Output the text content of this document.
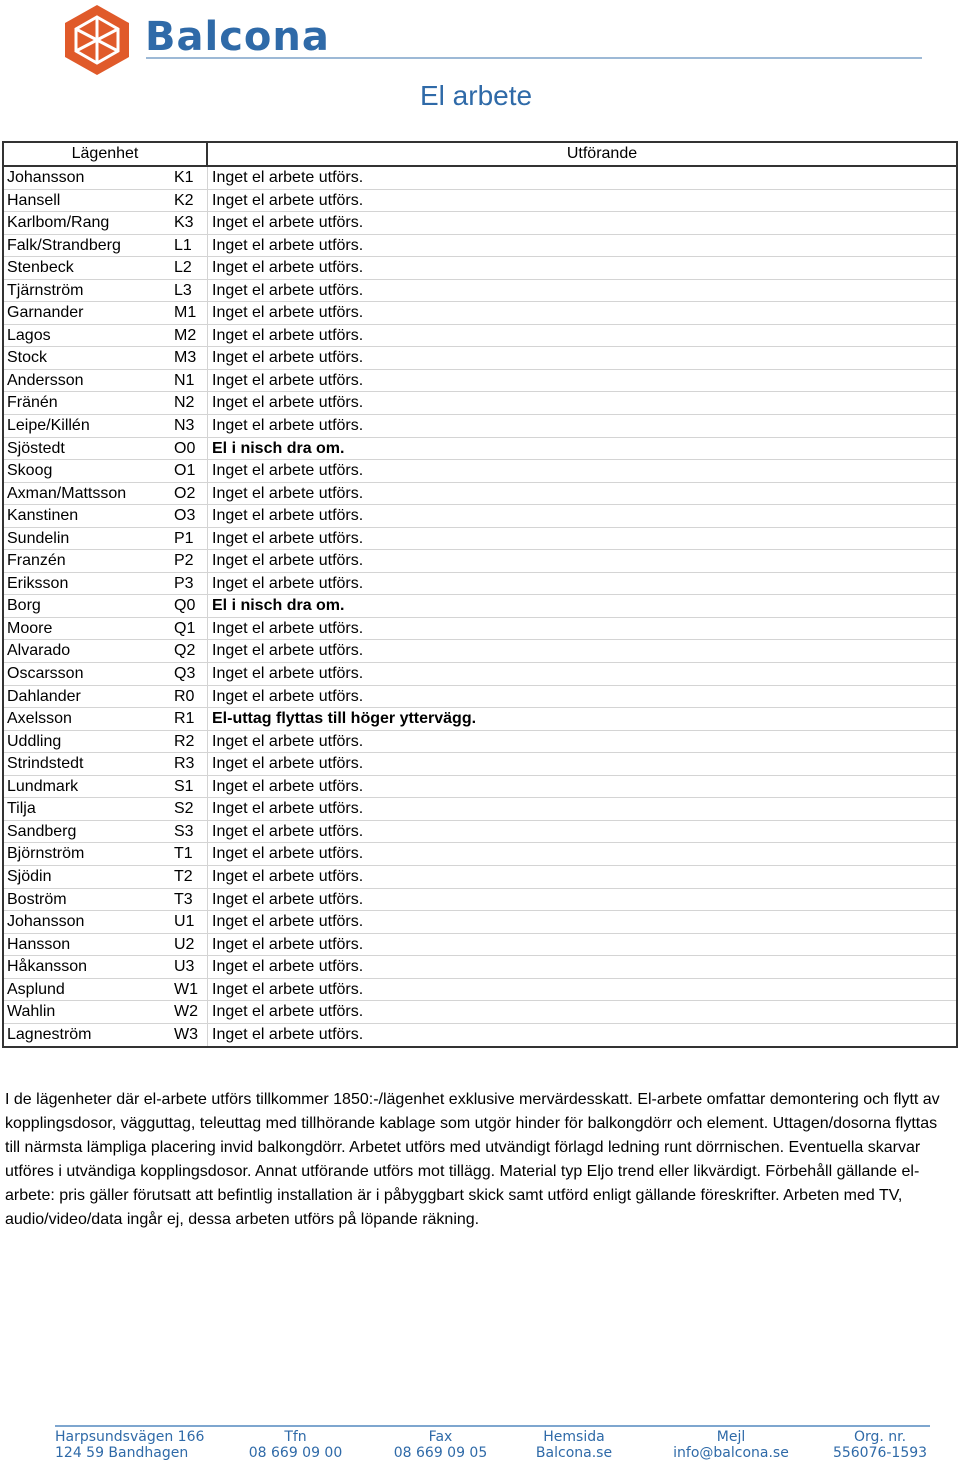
Balcona
El arbete
Lägenhet	Utförande
Johansson	K1	Inget el arbete utförs.
Hansell	K2	Inget el arbete utförs.
Karlbom/Rang	K3	Inget el arbete utförs.
Falk/Strandberg	L1	Inget el arbete utförs.
Stenbeck	L2	Inget el arbete utförs.
Tjärnström	L3	Inget el arbete utförs.
Garnander	M1 Inget el arbete utförs.
Lagos	M2 Inget el arbete utförs.
Stock	M3 Inget el arbete utförs.
Andersson	N1	Inget el arbete utförs.
Fränén	N2	Inget el arbete utförs.
Leipe/Killén	N3	Inget el arbete utförs.
Sjöstedt	O0	El i nisch dra om.
Skoog	O1	Inget el arbete utförs.
Axman/Mattsson	O2	Inget el arbete utförs.
Kanstinen	O3	Inget el arbete utförs.
Sundelin	P1	Inget el arbete utförs.
Franzén	P2	Inget el arbete utförs.
Eriksson	P3	Inget el arbete utförs.
Borg	Q0	El i nisch dra om.
Moore	Q1	Inget el arbete utförs.
Alvarado	Q2	Inget el arbete utförs.
Oscarsson	Q3	Inget el arbete utförs.
Dahlander	R0	Inget el arbete utförs.
Axelsson	R1	El-uttag flyttas till höger yttervägg.
Uddling	R2	Inget el arbete utförs.
Strindstedt	R3	Inget el arbete utförs.
Lundmark	S1	Inget el arbete utförs.
Tilja	S2	Inget el arbete utförs.
Sandberg	S3	Inget el arbete utförs.
Björnström	T1	Inget el arbete utförs.
Sjödin	T2	Inget el arbete utförs.
Boström	T3	Inget el arbete utförs.
Johansson	U1	Inget el arbete utförs.
Hansson	U2	Inget el arbete utförs.
Håkansson	U3	Inget el arbete utförs.
Asplund	W1 Inget el arbete utförs.
Wahlin	W2 Inget el arbete utförs.
Lagneström	W3 Inget el arbete utförs.
I de lägenheter där el-arbete utförs tillkommer 1850:-/lägenhet exklusive mervärdesskatt. El-arbete omfattar demontering och flytt av kopplingsdosor, vägguttag, teleuttag med tillhörande kablage som utgör hinder för balkongdörr och element. Uttagen/dosorna flyttas till närmsta lämpliga placering invid balkongdörr. Arbetet utförs med utvändigt förlagd ledning runt dörrnischen. Eventuella skarvar utföres i utvändiga kopplingsdosor. Annat utförande utförs mot tillägg. Material typ Eljo trend eller likvärdigt. Förbehåll gällande el-arbete: pris gäller förutsatt att befintlig installation är i påbyggbart skick samt utförd enligt gällande föreskrifter. Arbeten med TV, audio/video/data ingår ej, dessa arbeten utförs på löpande räkning.
Harpsundsvägen 166
124 59 Bandhagen
Tfn
08 669 09 00
Fax
08 669 09 05
Hemsida
Balcona.se
Mejl
info@balcona.se
Org. nr.
556076-1593
